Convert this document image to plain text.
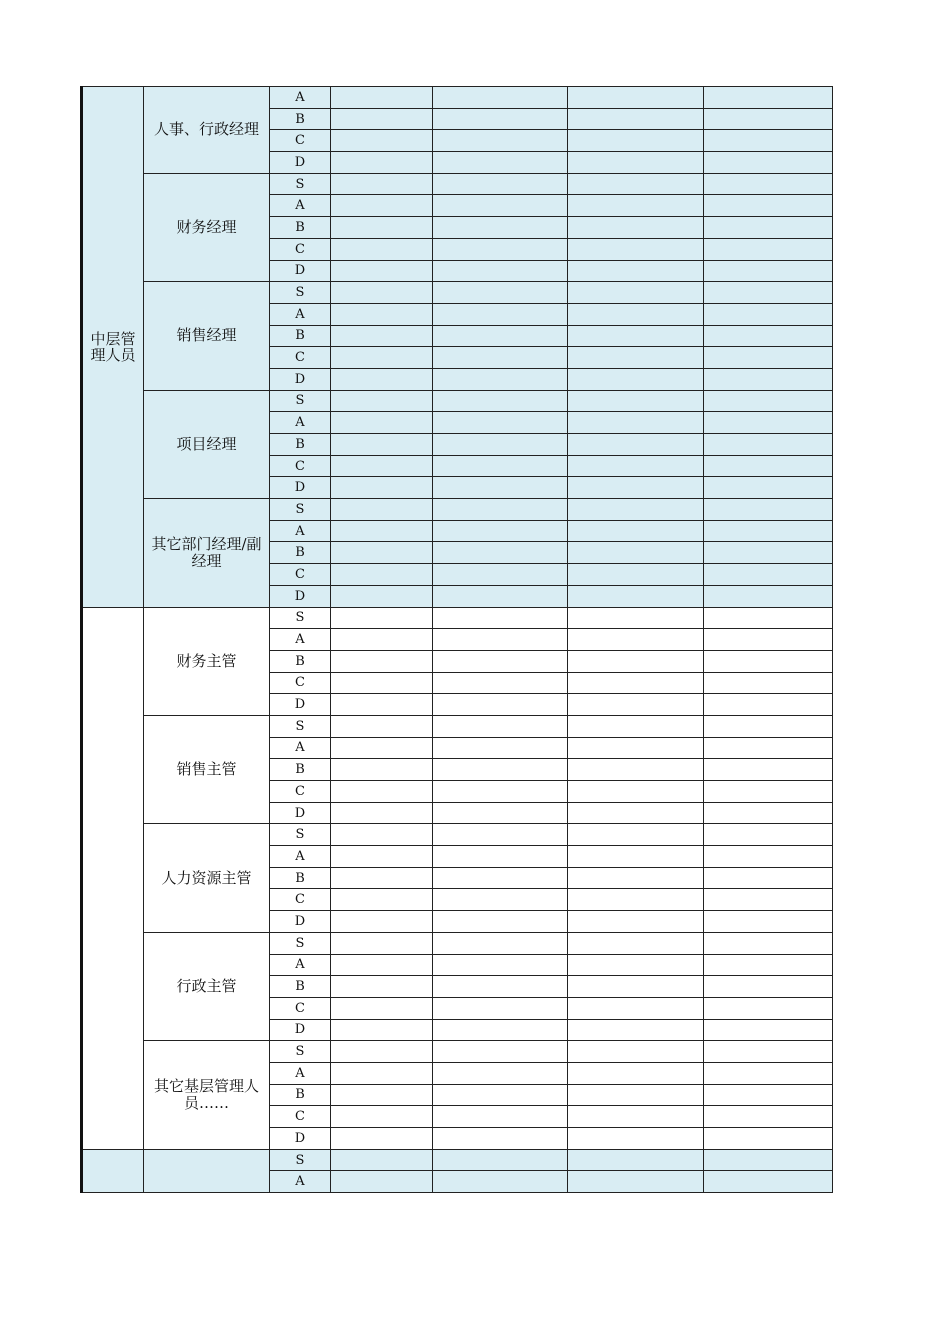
中层管理人员	人事、行政经理	A				
		B				
		C				
		D				
	财务经理	S				
		A				
		B				
		C				
		D				
	销售经理	S				
		A				
		B				
		C				
		D				
	项目经理	S				
		A				
		B				
		C				
		D				
	其它部门经理/副经理	S				
		A				
		B				
		C				
		D				
	财务主管	S				
		A				
		B				
		C				
		D				
	销售主管	S				
		A				
		B				
		C				
		D				
	人力资源主管	S				
		A				
		B				
		C				
		D				
	行政主管	S				
		A				
		B				
		C				
		D				
	其它基层管理人员……	S				
		A				
		B				
		C				
		D				
		S				
		A				
